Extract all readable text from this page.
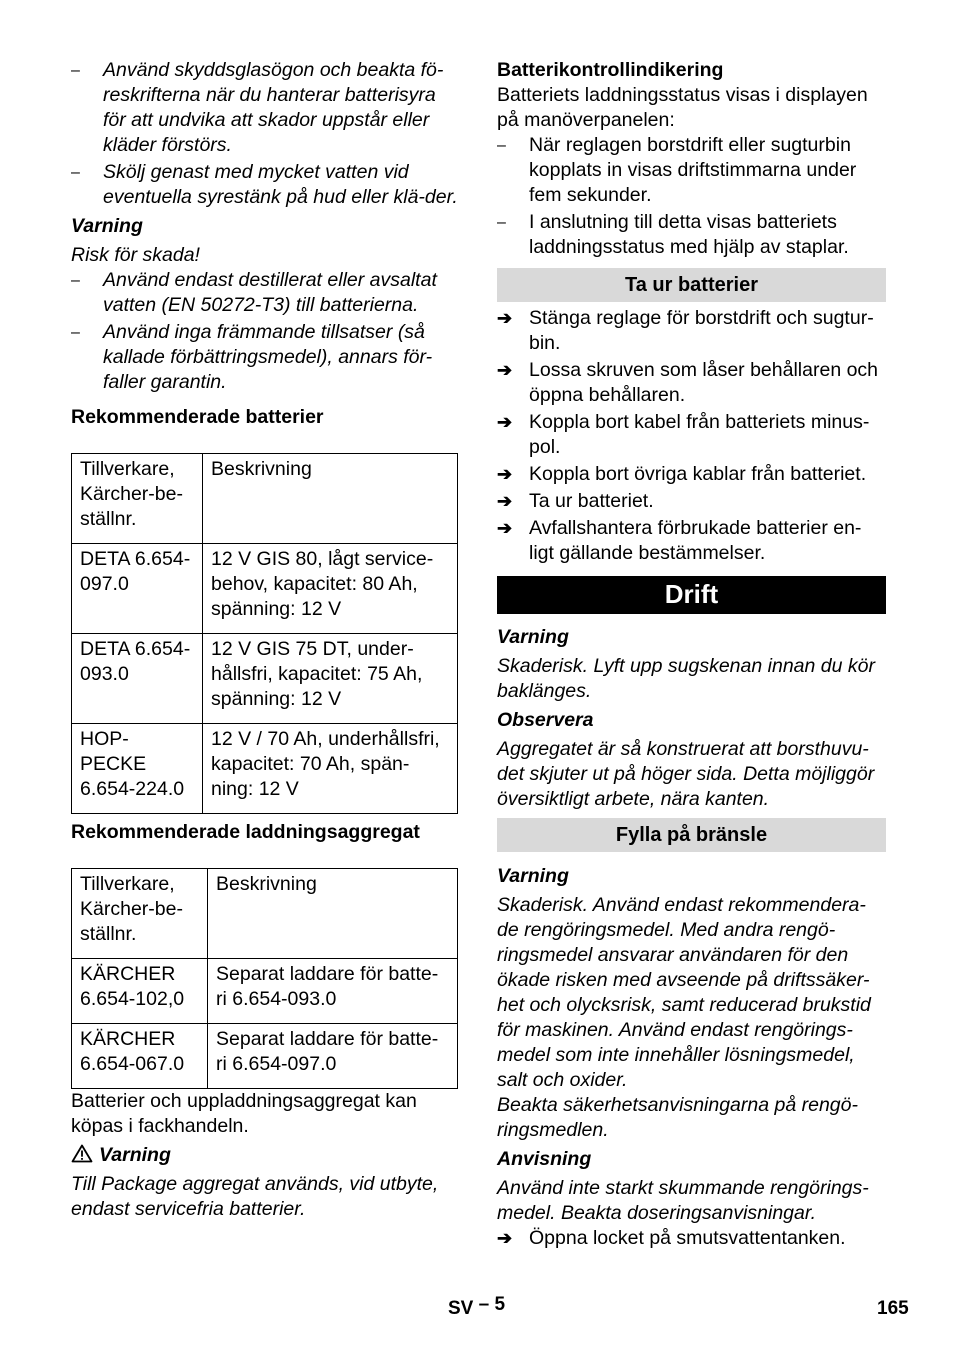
– Använd skyddsglasögon och beakta fö-reskrifterna när du hanterar batterisyra för att undvika att skador uppstår eller kläder förstörs.

– Skölj genast med mycket vatten vid eventuella syrestänk på hud eller klä-der.

Varning

Risk för skada!

– Använd endast destillerat eller avsaltat vatten (EN 50272-T3) till batterierna.

– Använd inga främmande tillsatser (så kallade förbättringsmedel), annars för-faller garantin.

Rekommenderade batterier

Tillverkare, Kärcher-be-ställnr.	Beskrivning
DETA 6.654-097.0	12 V GIS 80, lågt service-behov, kapacitet: 80 Ah, spänning: 12 V
DETA 6.654-093.0	12 V GIS 75 DT, under-hållsfri, kapacitet: 75 Ah, spänning: 12 V
HOP-PECKE 6.654-224.0	12 V / 70 Ah, underhållsfri, kapacitet: 70 Ah, spän-ning: 12 V

Rekommenderade laddningsaggregat

Tillverkare, Kärcher-be-ställnr.	Beskrivning
KÄRCHER 6.654-102,0	Separat laddare för batte-ri 6.654-093.0
KÄRCHER 6.654-067.0	Separat laddare för batte-ri 6.654-097.0

Batterier och uppladdningsaggregat kan köpas i fackhandeln.

Varning

Till Package aggregat används, vid utbyte, endast servicefria batterier.

Batterikontrollindikering

Batteriets laddningsstatus visas i displayen på manöverpanelen:

– När reglagen borstdrift eller sugturbin kopplats in visas driftstimmarna under fem sekunder.

– I anslutning till detta visas batteriets laddningsstatus med hjälp av staplar.

Ta ur batterier

➔ Stänga reglage för borstdrift och sugtur-bin.

➔ Lossa skruven som låser behållaren och öppna behållaren.

➔ Koppla bort kabel från batteriets minus-pol.

➔ Koppla bort övriga kablar från batteriet.

➔ Ta ur batteriet.

➔ Avfallshantera förbrukade batterier en-ligt gällande bestämmelser.

Drift

Varning

Skaderisk. Lyft upp sugskenan innan du kör baklänges.

Observera

Aggregatet är så konstruerat att borsthuvu-det skjuter ut på höger sida. Detta möjliggör översiktligt arbete, nära kanten.

Fylla på bränsle

Varning

Skaderisk. Använd endast rekommendera-de rengöringsmedel. Med andra rengö-ringsmedel ansvarar användaren för den ökade risken med avseende på driftssäker-het och olycksrisk, samt reducerad brukstid för maskinen. Använd endast rengörings-medel som inte innehåller lösningsmedel, salt och oxider.

Beakta säkerhetsanvisningarna på rengö-ringsmedlen.

Anvisning

Använd inte starkt skummande rengörings-medel. Beakta doseringsanvisningar.

➔ Öppna locket på smutsvattentanken.

SV – 5	165
